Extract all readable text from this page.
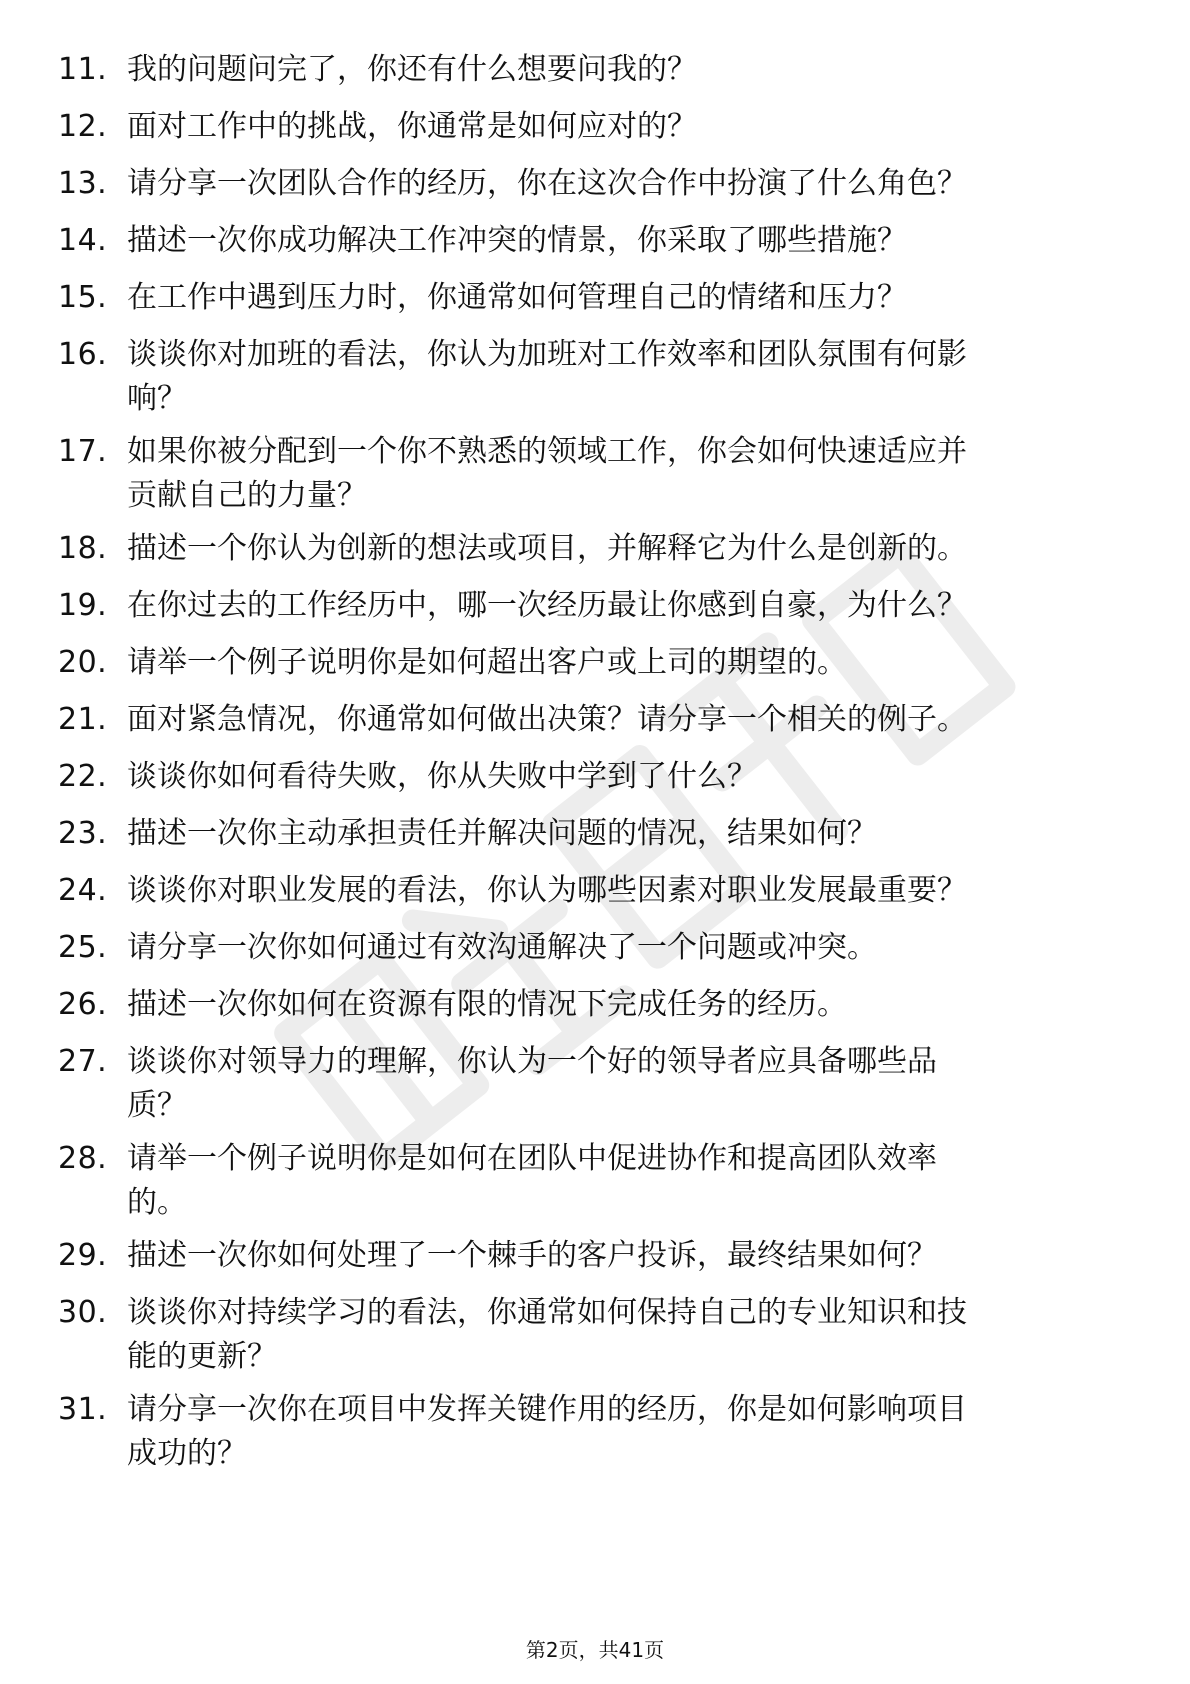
11. 我的问题问完了，你还有什么想要问我的？
12. 面对工作中的挑战，你通常是如何应对的？
13. 请分享一次团队合作的经历，你在这次合作中扮演了什么角色？
14. 描述一次你成功解决工作冲突的情景，你采取了哪些措施？
15. 在工作中遇到压力时，你通常如何管理自己的情绪和压力？
16. 谈谈你对加班的看法，你认为加班对工作效率和团队氛围有何影
响？
17. 如果你被分配到一个你不熟悉的领域工作，你会如何快速适应并
贡献自己的力量？
18. 描述一个你认为创新的想法或项目，并解释它为什么是创新的。
19. 在你过去的工作经历中，哪一次经历最让你感到自豪，为什么？
20. 请举一个例子说明你是如何超出客户或上司的期望的。
21. 面对紧急情况，你通常如何做出决策？请分享一个相关的例子。
22. 谈谈你如何看待失败，你从失败中学到了什么？
23. 描述一次你主动承担责任并解决问题的情况，结果如何？
24. 谈谈你对职业发展的看法，你认为哪些因素对职业发展最重要？
25. 请分享一次你如何通过有效沟通解决了一个问题或冲突。
26. 描述一次你如何在资源有限的情况下完成任务的经历。
27. 谈谈你对领导力的理解，你认为一个好的领导者应具备哪些品
质？
28. 请举一个例子说明你是如何在团队中促进协作和提高团队效率
的。
29. 描述一次你如何处理了一个棘手的客户投诉，最终结果如何？
30. 谈谈你对持续学习的看法，你通常如何保持自己的专业知识和技
能的更新？
31. 请分享一次你在项目中发挥关键作用的经历，你是如何影响项目
成功的？
第2页，共41页
